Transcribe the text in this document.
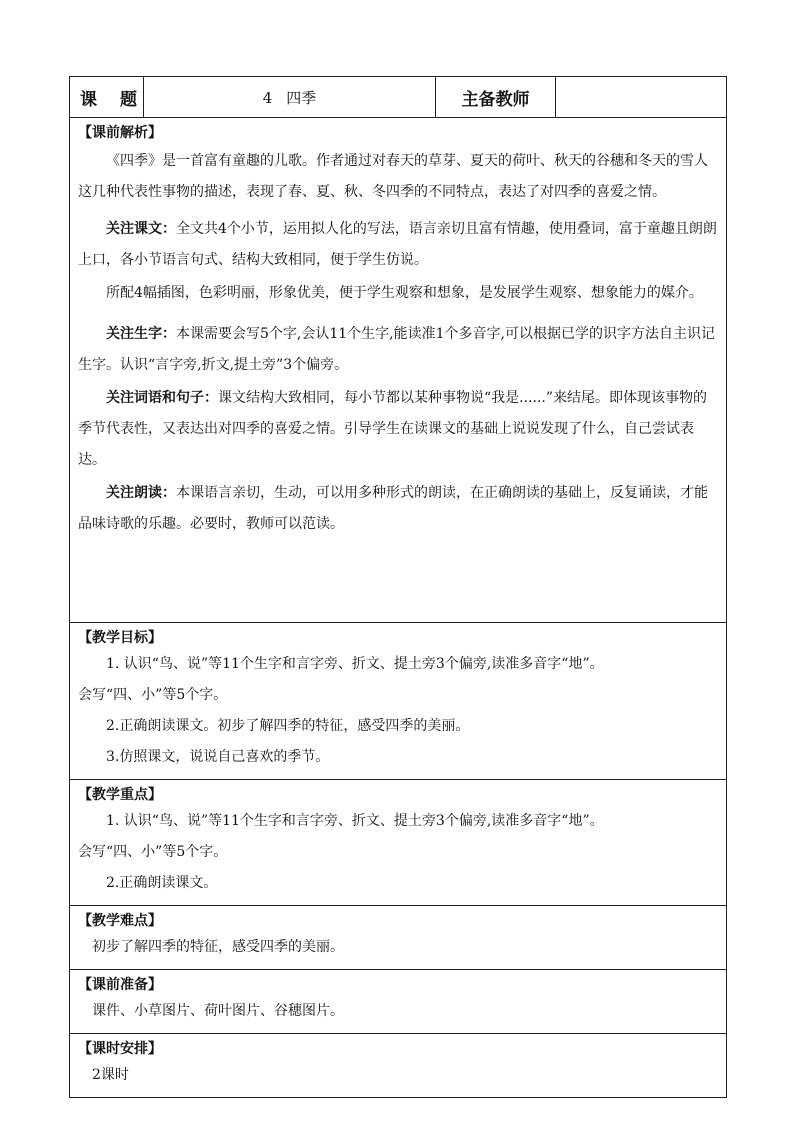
课 题	4 四季	主备教师	

【课前解析】

《四季》是一首富有童趣的儿歌。作者通过对春天的草芽、夏天的荷叶、秋天的谷穗和冬天的雪人这几种代表性事物的描述，表现了春、夏、秋、冬四季的不同特点，表达了对四季的喜爱之情。

关注课文：全文共4个小节，运用拟人化的写法，语言亲切且富有情趣，使用叠词，富于童趣且朗朗上口，各小节语言句式、结构大致相同，便于学生仿说。

所配4幅插图，色彩明丽，形象优美，便于学生观察和想象，是发展学生观察、想象能力的媒介。

关注生字：本课需要会写5个字,会认11个生字,能读准1个多音字,可以根据已学的识字方法自主识记生字。认识“言字旁,折文,提土旁”3个偏旁。

关注词语和句子：课文结构大致相同，每小节都以某种事物说“我是......”来结尾。即体现该事物的季节代表性，又表达出对四季的喜爱之情。引导学生在读课文的基础上说说发现了什么，自己尝试表达。

关注朗读：本课语言亲切，生动，可以用多种形式的朗读，在正确朗读的基础上，反复诵读，才能品味诗歌的乐趣。必要时，教师可以范读。

【教学目标】

1. 认识“鸟、说”等11个生字和言字旁、折文、提土旁3个偏旁,读准多音字“地”。

会写“四、小”等5个字。

2.正确朗读课文。初步了解四季的特征，感受四季的美丽。

3.仿照课文，说说自己喜欢的季节。

【教学重点】

1. 认识“鸟、说”等11个生字和言字旁、折文、提土旁3个偏旁,读准多音字“地”。

会写“四、小”等5个字。

2.正确朗读课文。

【教学难点】

初步了解四季的特征，感受四季的美丽。

【课前准备】

课件、小草图片、荷叶图片、谷穗图片。

【课时安排】

2课时
